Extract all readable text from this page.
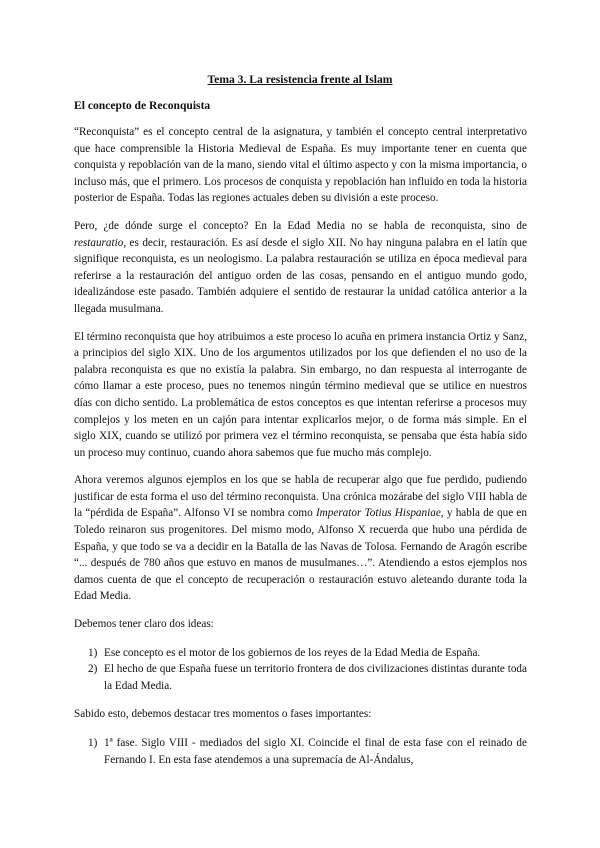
Tema 3. La resistencia frente al Islam
El concepto de Reconquista

“Reconquista” es el concepto central de la asignatura, y también el concepto central interpretativo que hace comprensible la Historia Medieval de España. Es muy importante tener en cuenta que conquista y repoblación van de la mano, siendo vital el último aspecto y con la misma importancia, o incluso más, que el primero. Los procesos de conquista y repoblación han influido en toda la historia posterior de España. Todas las regiones actuales deben su división a este proceso.

Pero, ¿de dónde surge el concepto? En la Edad Media no se habla de reconquista, sino de restauratio, es decir, restauración. Es así desde el siglo XII. No hay ninguna palabra en el latín que signifique reconquista, es un neologismo. La palabra restauración se utiliza en época medieval para referirse a la restauración del antiguo orden de las cosas, pensando en el antiguo mundo godo, idealizándose este pasado. También adquiere el sentido de restaurar la unidad católica anterior a la llegada musulmana.

El término reconquista que hoy atribuimos a este proceso lo acuña en primera instancia Ortiz y Sanz, a principios del siglo XIX. Uno de los argumentos utilizados por los que defienden el no uso de la palabra reconquista es que no existía la palabra. Sin embargo, no dan respuesta al interrogante de cómo llamar a este proceso, pues no tenemos ningún término medieval que se utilice en nuestros días con dicho sentido. La problemática de estos conceptos es que intentan referirse a procesos muy complejos y los meten en un cajón para intentar explicarlos mejor, o de forma más simple. En el siglo XIX, cuando se utilizó por primera vez el término reconquista, se pensaba que ésta había sido un proceso muy continuo, cuando ahora sabemos que fue mucho más complejo.

Ahora veremos algunos ejemplos en los que se habla de recuperar algo que fue perdido, pudiendo justificar de esta forma el uso del término reconquista. Una crónica mozárabe del siglo VIII habla de la “pérdida de España”. Alfonso VI se nombra como Imperator Totius Hispaniae, y habla de que en Toledo reinaron sus progenitores. Del mismo modo, Alfonso X recuerda que hubo una pérdida de España, y que todo se va a decidir en la Batalla de las Navas de Tolosa. Fernando de Aragón escribe “... después de 780 años que estuvo en manos de musulmanes…”. Atendiendo a estos ejemplos nos damos cuenta de que el concepto de recuperación o restauración estuvo aleteando durante toda la Edad Media.

Debemos tener claro dos ideas:

1) Ese concepto es el motor de los gobiernos de los reyes de la Edad Media de España.
2) El hecho de que España fuese un territorio frontera de dos civilizaciones distintas durante toda la Edad Media.

Sabido esto, debemos destacar tres momentos o fases importantes:

1) 1ª fase. Siglo VIII - mediados del siglo XI. Coincide el final de esta fase con el reinado de Fernando I. En esta fase atendemos a una supremacía de Al-Ándalus,
